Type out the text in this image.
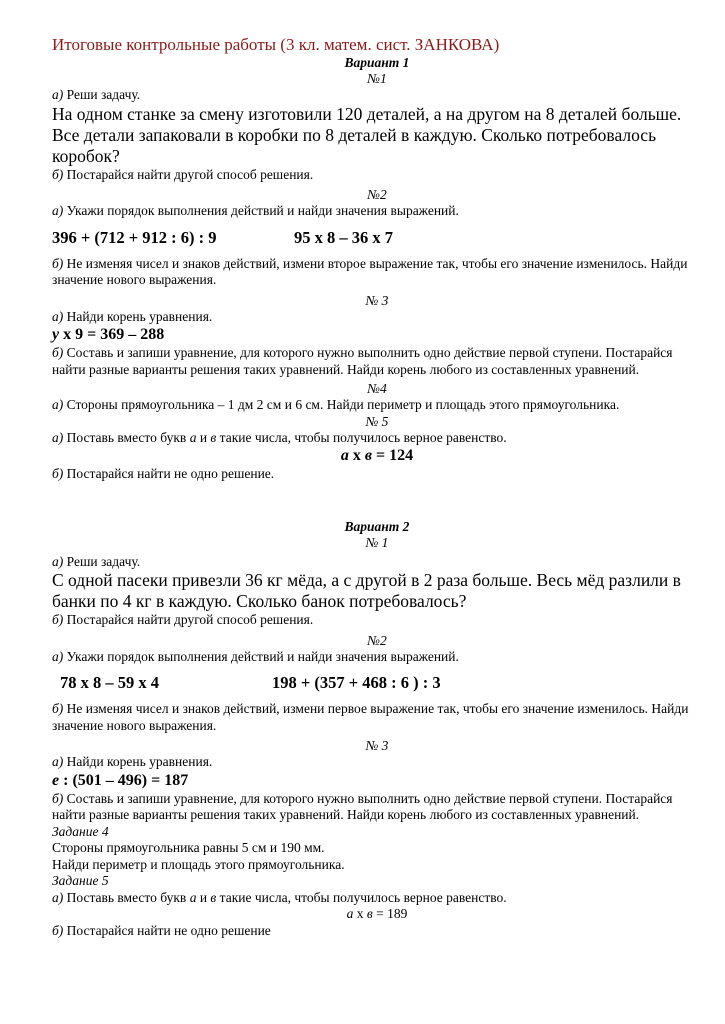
Итоговые контрольные работы (3 кл. матем. сист. ЗАНКОВА)
Вариант 1
№1
а) Реши задачу.
На одном станке за смену изготовили 120 деталей, а на другом на 8 деталей больше. Все детали запаковали в коробки по 8 деталей в каждую. Сколько потребовалось коробок?
б) Постарайся найти другой способ решения.
№2
а) Укажи порядок выполнения действий и найди значения выражений.
396 + (712 + 912 : 6) : 9	95 x 8 – 36 x 7
б) Не изменяя чисел и знаков действий, измени второе выражение так, чтобы его значение изменилось. Найди значение нового выражения.
№ 3
а) Найди корень уравнения.
у х 9 = 369 – 288
б) Составь и запиши уравнение, для которого нужно выполнить одно действие первой ступени. Постарайся найти разные варианты решения таких уравнений. Найди корень любого из составленных уравнений.
№4
а) Стороны прямоугольника – 1 дм 2 см и 6 см. Найди периметр и площадь этого прямоугольника.
№ 5
а) Поставь вместо букв а и в такие числа, чтобы получилось верное равенство.
а х в = 124
б) Постарайся найти не одно решение.
Вариант 2
№ 1
а) Реши задачу.
С одной пасеки привезли 36 кг мёда, а с другой в 2 раза больше. Весь мёд разлили в банки по 4 кг в каждую. Сколько банок потребовалось?
б) Постарайся найти другой способ решения.
№2
а) Укажи порядок выполнения действий и найди значения выражений.
78 х 8 – 59 х 4	198 + (357 + 468 : 6 ) : 3
б) Не изменяя чисел и знаков действий, измени первое выражение так, чтобы его значение изменилось. Найди значение нового выражения.
№ 3
а) Найди корень уравнения.
е : (501 – 496) = 187
б) Составь и запиши уравнение, для которого нужно выполнить одно действие первой ступени. Постарайся найти разные варианты решения таких уравнений. Найди корень любого из составленных уравнений.
Задание 4
Стороны прямоугольника равны 5 см и 190 мм.
Найди периметр и площадь этого прямоугольника.
Задание 5
а) Поставь вместо букв а и в такие числа, чтобы получилось верное равенство.
а х в = 189
б) Постарайся найти не одно решение
